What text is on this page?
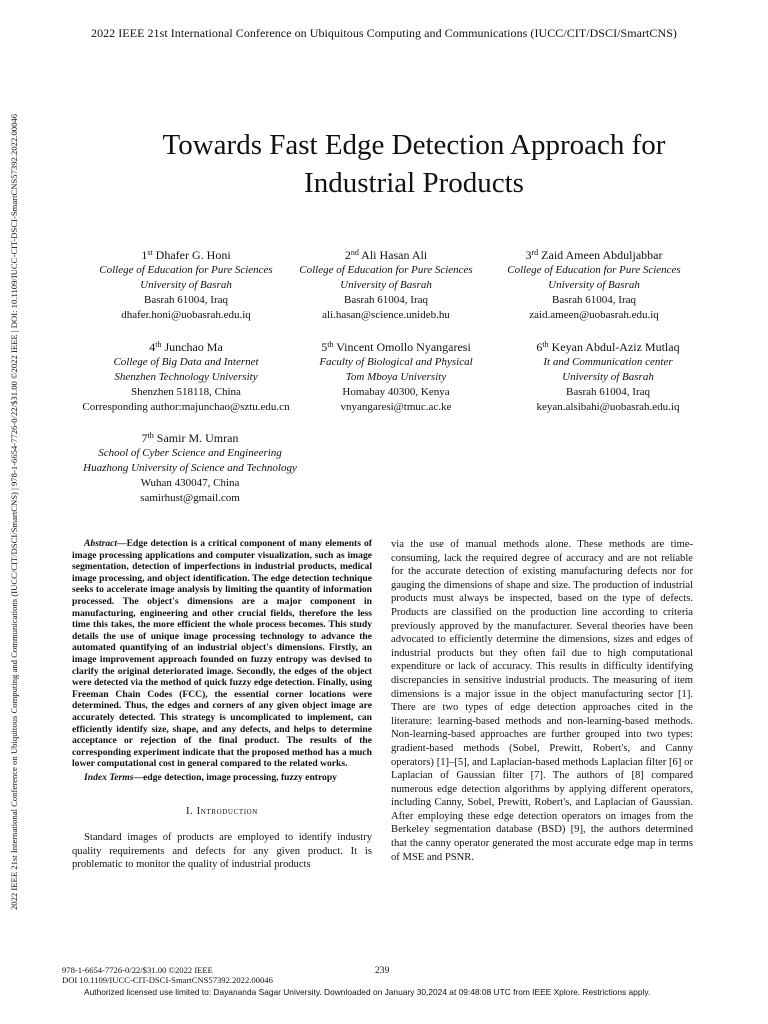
2022 IEEE 21st International Conference on Ubiquitous Computing and Communications (IUCC/CIT/DSCI/SmartCNS) | 978-1-6654-7726-0/22/$31.00 ©2022 IEEE | DOI: 10.1109/IUCC-CIT-DSCI-SmartCNS57392.2022.00046
2022 IEEE 21st International Conference on Ubiquitous Computing and Communications (IUCC/CIT/DSCI/SmartCNS)
Towards Fast Edge Detection Approach for
Industrial Products
1st Dhafer G. Honi
College of Education for Pure Sciences
University of Basrah
Basrah 61004, Iraq
dhafer.honi@uobasrah.edu.iq
2nd Ali Hasan Ali
College of Education for Pure Sciences
University of Basrah
Basrah 61004, Iraq
ali.hasan@science.unideb.hu
3rd Zaid Ameen Abduljabbar
College of Education for Pure Sciences
University of Basrah
Basrah 61004, Iraq
zaid.ameen@uobasrah.edu.iq
4th Junchao Ma
College of Big Data and Internet
Shenzhen Technology University
Shenzhen 518118, China
Corresponding author:majunchao@sztu.edu.cn
5th Vincent Omollo Nyangaresi
Faculty of Biological and Physical
Tom Mboya University
Homabay 40300, Kenya
vnyangaresi@tmuc.ac.ke
6th Keyan Abdul-Aziz Mutlaq
It and Communication center
University of Basrah
Basrah 61004, Iraq
keyan.alsibahi@uobasrah.edu.iq
7th Samir M. Umran
School of Cyber Science and Engineering
Huazhong University of Science and Technology
Wuhan 430047, China
samirhust@gmail.com

Abstract—Edge detection is a critical component of many elements of image processing applications and computer visualization, such as image segmentation, detection of imperfections in industrial products, medical image processing, and object identification. The edge detection technique seeks to accelerate image analysis by limiting the quantity of information processed. The object's dimensions are a major component in manufacturing, engineering and other crucial fields, therefore the less time this takes, the more efficient the whole process becomes. This study details the use of unique image processing technology to advance the automated quantifying of an industrial object's dimensions. Firstly, an image improvement approach founded on fuzzy entropy was devised to clarify the original deteriorated image. Secondly, the edges of the object were detected via the method of quick fuzzy edge detection. Finally, using Freeman Chain Codes (FCC), the essential corner locations were determined. Thus, the edges and corners of any given object image are accurately detected. This strategy is uncomplicated to implement, can efficiently identify size, shape, and any defects, and helps to determine acceptance or rejection of the final product. The results of the corresponding experiment indicate that the proposed method has a much lower computational cost in general compared to the related works.

Index Terms—edge detection, image processing, fuzzy entropy

I. Introduction

Standard images of products are employed to identify industry quality requirements and defects for any given product. It is problematic to monitor the quality of industrial products

via the use of manual methods alone. These methods are time-consuming, lack the required degree of accuracy and are not reliable for the accurate detection of existing manufacturing defects nor for gauging the dimensions of shape and size. The production of industrial products must always be inspected, based on the type of defects. Products are classified on the production line according to criteria previously approved by the manufacturer. Several theories have been advocated to efficiently determine the dimensions, sizes and edges of industrial products but they often fail due to high computational expenditure or lack of accuracy. This results in difficulty identifying discrepancies in sensitive industrial products. The measuring of item dimensions is a major issue in the object manufacturing sector [1]. There are two types of edge detection approaches cited in the literature: learning-based methods and non-learning-based methods. Non-learning-based approaches are further grouped into two types: gradient-based methods (Sobel, Prewitt, Robert's, and Canny operators) [1]–[5], and Laplacian-based methods Laplacian filter [6] or Laplacian of Gaussian filter [7]. The authors of [8] compared numerous edge detection algorithms by applying different operators, including Canny, Sobel, Prewitt, Robert's, and Laplacian of Gaussian. After employing these edge detection operators on images from the Berkeley segmentation database (BSD) [9], the authors determined that the canny operator generated the most accurate edge map in terms of MSE and PSNR.

978-1-6654-7726-0/22/$31.00 ©2022 IEEE
DOI 10.1109/IUCC-CIT-DSCI-SmartCNS57392.2022.00046
239
Authorized licensed use limited to: Dayananda Sagar University. Downloaded on January 30,2024 at 09:48:08 UTC from IEEE Xplore. Restrictions apply.
